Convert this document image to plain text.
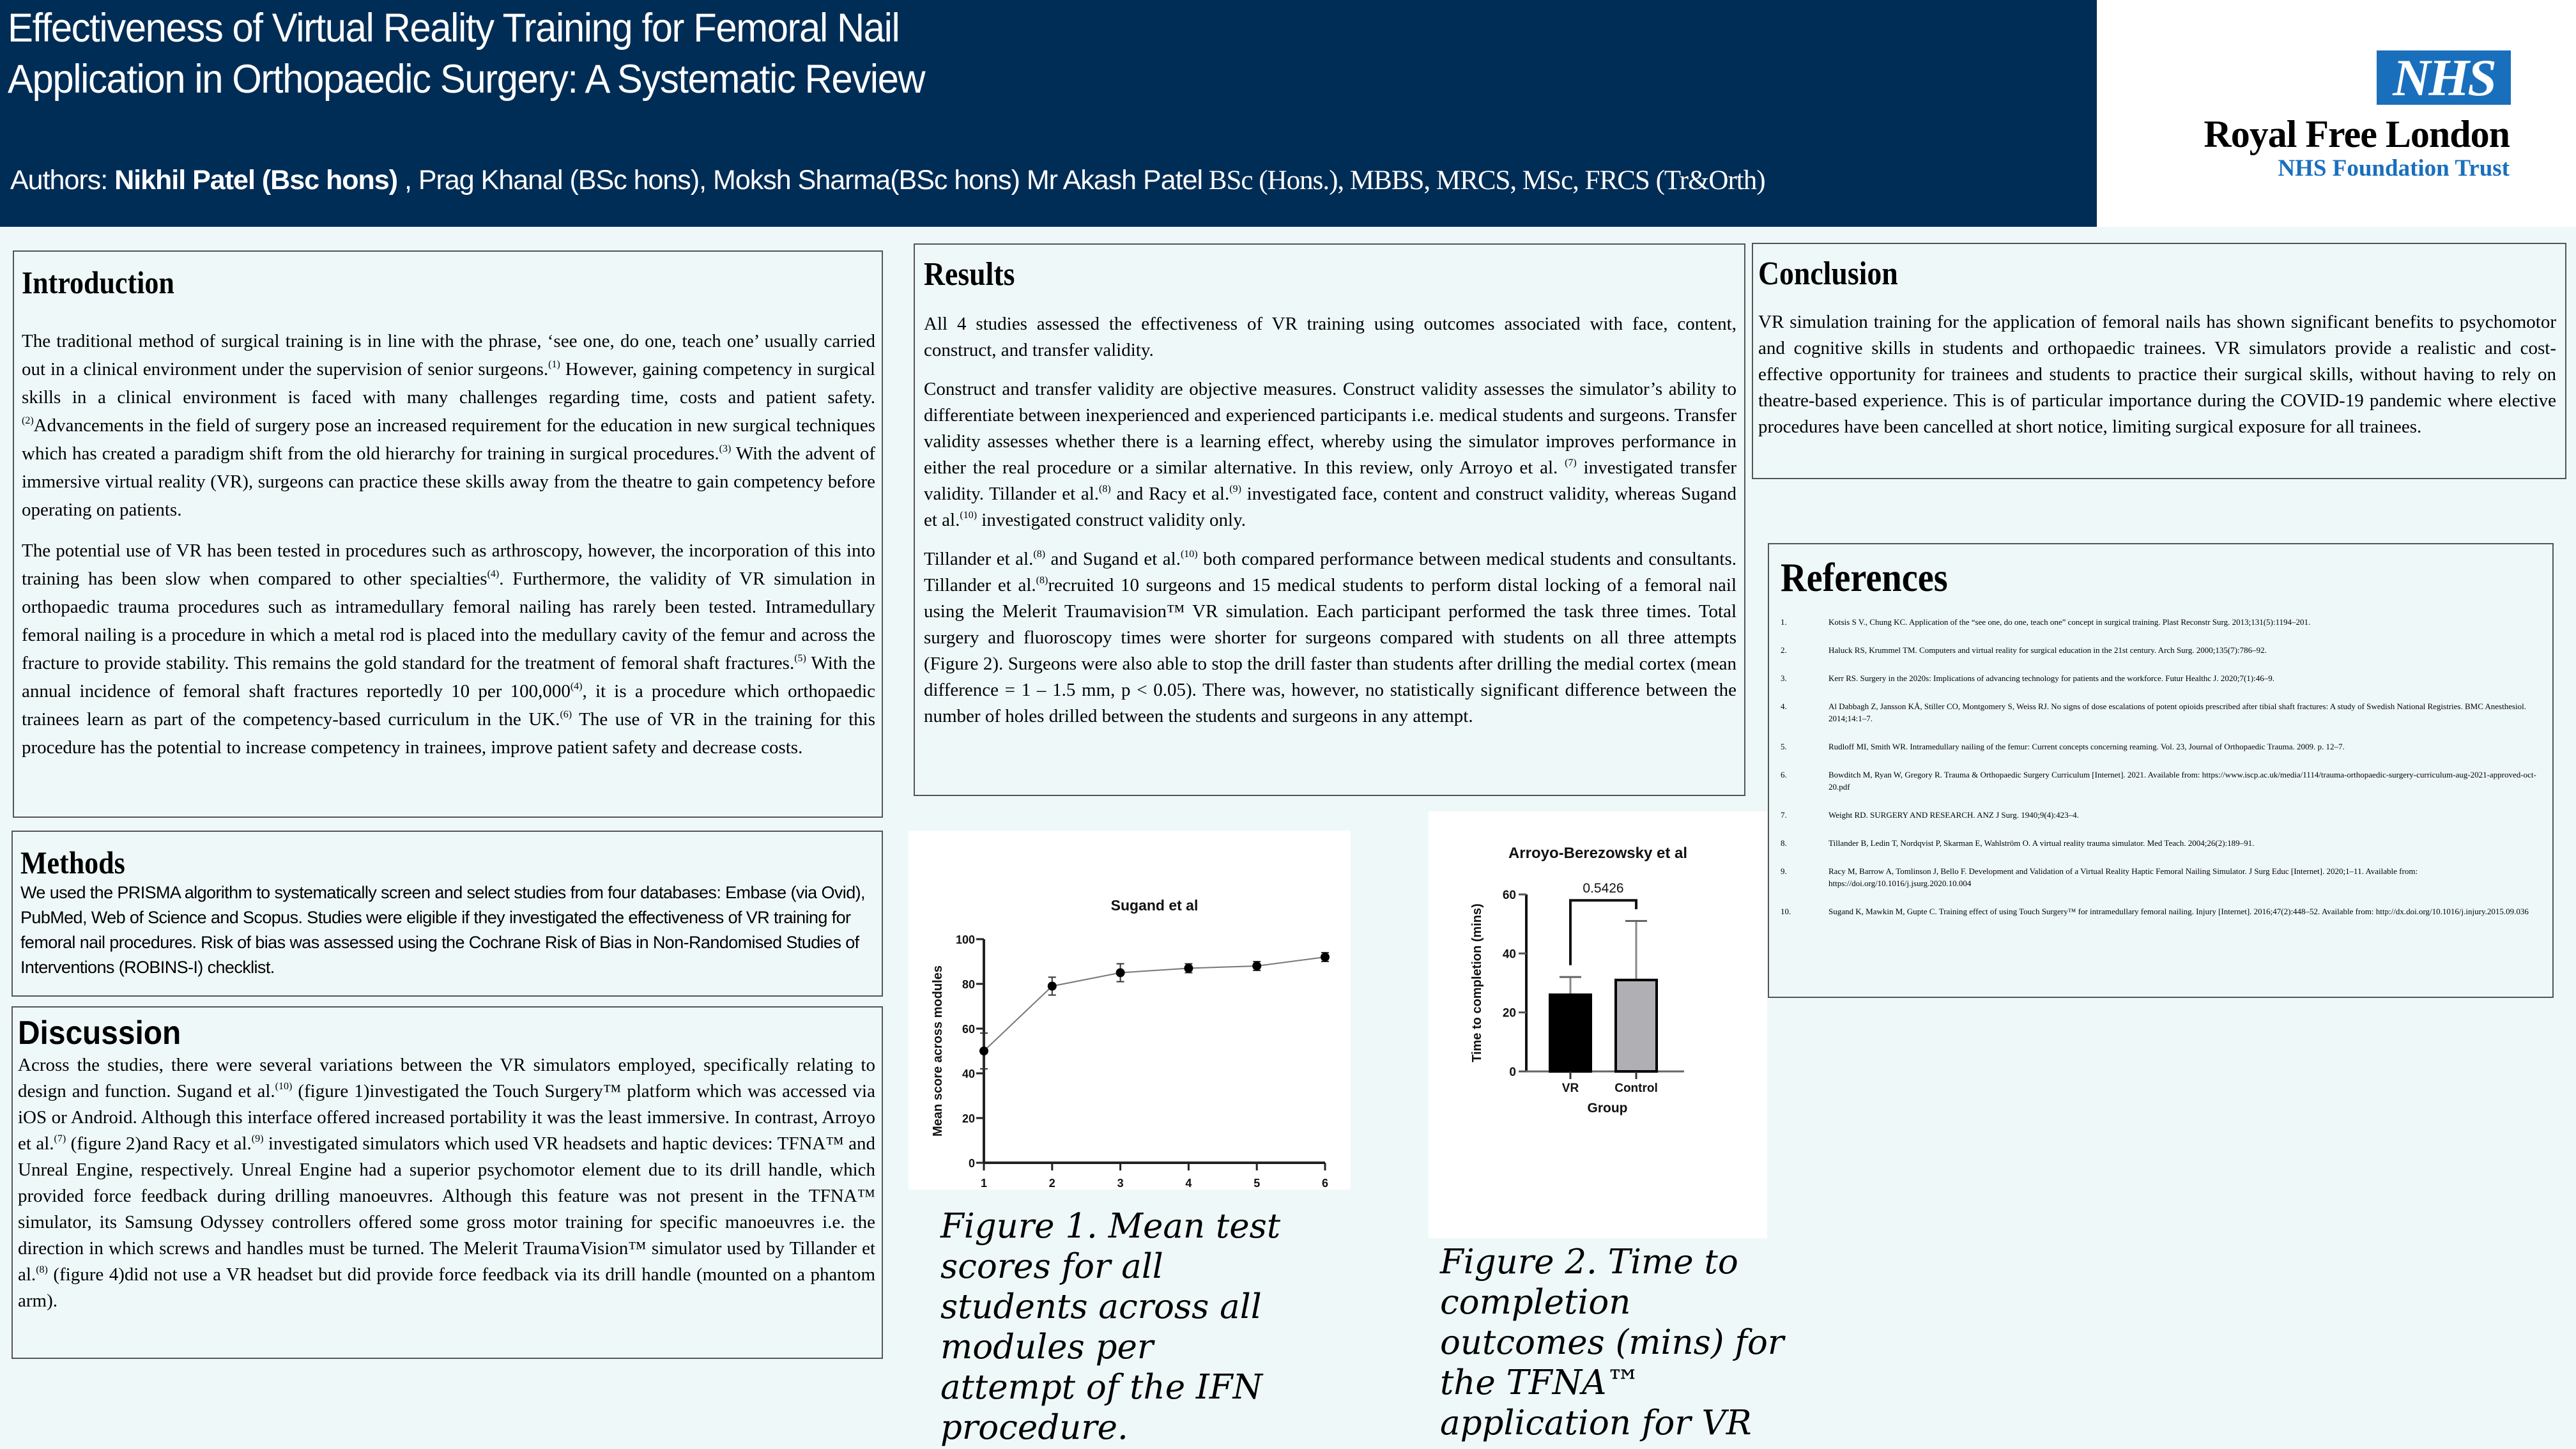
Effectiveness of Virtual Reality Training for Femoral Nail
Application in Orthopaedic Surgery: A Systematic Review
Authors: Nikhil Patel (Bsc hons) , Prag Khanal (BSc hons), Moksh Sharma(BSc hons) Mr Akash Patel BSc (Hons.), MBBS, MRCS, MSc, FRCS (Tr&Orth)
NHS
Royal Free London
NHS Foundation Trust
Introduction

The traditional method of surgical training is in line with the phrase, ‘see one, do one, teach one’ usually carried out in a clinical environment under the supervision of senior surgeons.$^{(1)}$ However, gaining competency in surgical skills in a clinical environment is faced with many challenges regarding time, costs and patient safety.$^{(2)}$Advancements in the field of surgery pose an increased requirement for the education in new surgical techniques which has created a paradigm shift from the old hierarchy for training in surgical procedures.$^{(3)}$ With the advent of immersive virtual reality (VR), surgeons can practice these skills away from the theatre to gain competency before operating on patients.

The potential use of VR has been tested in procedures such as arthroscopy, however, the incorporation of this into training has been slow when compared to other specialties$^{(4)}$. Furthermore, the validity of VR simulation in orthopaedic trauma procedures such as intramedullary femoral nailing has rarely been tested. Intramedullary femoral nailing is a procedure in which a metal rod is placed into the medullary cavity of the femur and across the fracture to provide stability. This remains the gold standard for the treatment of femoral shaft fractures.$^{(5)}$ With the annual incidence of femoral shaft fractures reportedly 10 per 100,000$^{(4)}$, it is a procedure which orthopaedic trainees learn as part of the competency-based curriculum in the UK.$^{(6)}$ The use of VR in the training for this procedure has the potential to increase competency in trainees, improve patient safety and decrease costs.

Methods

We used the PRISMA algorithm to systematically screen and select studies from four databases: Embase (via Ovid), PubMed, Web of Science and Scopus. Studies were eligible if they investigated the effectiveness of VR training for femoral nail procedures. Risk of bias was assessed using the Cochrane Risk of Bias in Non-Randomised Studies of Interventions (ROBINS-I) checklist.

Discussion

Across the studies, there were several variations between the VR simulators employed, specifically relating to design and function. Sugand et al.$^{(10)}$ (figure 1)investigated the Touch Surgery™ platform which was accessed via iOS or Android. Although this interface offered increased portability it was the least immersive. In contrast, Arroyo et al.$^{(7)}$ (figure 2)and Racy et al.$^{(9)}$ investigated simulators which used VR headsets and haptic devices: TFNA™ and Unreal Engine, respectively. Unreal Engine had a superior psychomotor element due to its drill handle, which provided force feedback during drilling manoeuvres. Although this feature was not present in the TFNA™ simulator, its Samsung Odyssey controllers offered some gross motor training for specific manoeuvres i.e. the direction in which screws and handles must be turned. The Melerit TraumaVision™ simulator used by Tillander et al.$^{(8)}$ (figure 4)did not use a VR headset but did provide force feedback via its drill handle (mounted on a phantom arm).

Results

All 4 studies assessed the effectiveness of VR training using outcomes associated with face, content, construct, and transfer validity.

Construct and transfer validity are objective measures. Construct validity assesses the simulator’s ability to differentiate between inexperienced and experienced participants i.e. medical students and surgeons. Transfer validity assesses whether there is a learning effect, whereby using the simulator improves performance in either the real procedure or a similar alternative. In this review, only Arroyo et al. $^{(7)}$ investigated transfer validity. Tillander et al.$^{(8)}$ and Racy et al.$^{(9)}$ investigated face, content and construct validity, whereas Sugand et al.$^{(10)}$ investigated construct validity only.

Tillander et al.$^{(8)}$ and Sugand et al.$^{(10)}$ both compared performance between medical students and consultants. Tillander et al.$^{(8)}$recruited 10 surgeons and 15 medical students to perform distal locking of a femoral nail using the Melerit Traumavision™ VR simulation. Each participant performed the task three times. Total surgery and fluoroscopy times were shorter for surgeons compared with students on all three attempts (Figure 2). Surgeons were also able to stop the drill faster than students after drilling the medial cortex (mean difference = 1 – 1.5 mm, p < 0.05). There was, however, no statistically significant difference between the number of holes drilled between the students and surgeons in any attempt.

Sugand et al
0
20
40
60
80
100
1	2	3	4	5	6
Mean score across modules
Figure 1. Mean test scores for all students across all modules per attempt of the IFN procedure.
Arroyo-Berezowsky et al
0
20
40
60
VR	Control
0.5426
Group
Time to completion (mins)
Figure 2. Time to completion outcomes (mins) for the TFNA™ application for VR
Conclusion

VR simulation training for the application of femoral nails has shown significant benefits to psychomotor and cognitive skills in students and orthopaedic trainees. VR simulators provide a realistic and cost-effective opportunity for trainees and students to practice their surgical skills, without having to rely on theatre-based experience. This is of particular importance during the COVID-19 pandemic where elective procedures have been cancelled at short notice, limiting surgical exposure for all trainees.

References
1.	Kotsis S V., Chung KC. Application of the “see one, do one, teach one” concept in surgical training. Plast Reconstr Surg. 2013;131(5):1194–201.
2.	Haluck RS, Krummel TM. Computers and virtual reality for surgical education in the 21st century. Arch Surg. 2000;135(7):786–92.
3.	Kerr RS. Surgery in the 2020s: Implications of advancing technology for patients and the workforce. Futur Healthc J. 2020;7(1):46–9.
4.	Al Dabbagh Z, Jansson KÅ, Stiller CO, Montgomery S, Weiss RJ. No signs of dose escalations of potent opioids prescribed after tibial shaft fractures: A study of Swedish National Registries. BMC Anesthesiol. 2014;14:1–7.
5.	Rudloff MI, Smith WR. Intramedullary nailing of the femur: Current concepts concerning reaming. Vol. 23, Journal of Orthopaedic Trauma. 2009. p. 12–7.
6.	Bowditch M, Ryan W, Gregory R. Trauma & Orthopaedic Surgery Curriculum [Internet]. 2021. Available from: https://www.iscp.ac.uk/media/1114/trauma-orthopaedic-surgery-curriculum-aug-2021-approved-oct-20.pdf
7.	Weight RD. SURGERY AND RESEARCH. ANZ J Surg. 1940;9(4):423–4.
8.	Tillander B, Ledin T, Nordqvist P, Skarman E, Wahlström O. A virtual reality trauma simulator. Med Teach. 2004;26(2):189–91.
9.	Racy M, Barrow A, Tomlinson J, Bello F. Development and Validation of a Virtual Reality Haptic Femoral Nailing Simulator. J Surg Educ [Internet]. 2020;1–11. Available from: https://doi.org/10.1016/j.jsurg.2020.10.004
10.	Sugand K, Mawkin M, Gupte C. Training effect of using Touch Surgery™ for intramedullary femoral nailing. Injury [Internet]. 2016;47(2):448–52. Available from: http://dx.doi.org/10.1016/j.injury.2015.09.036
